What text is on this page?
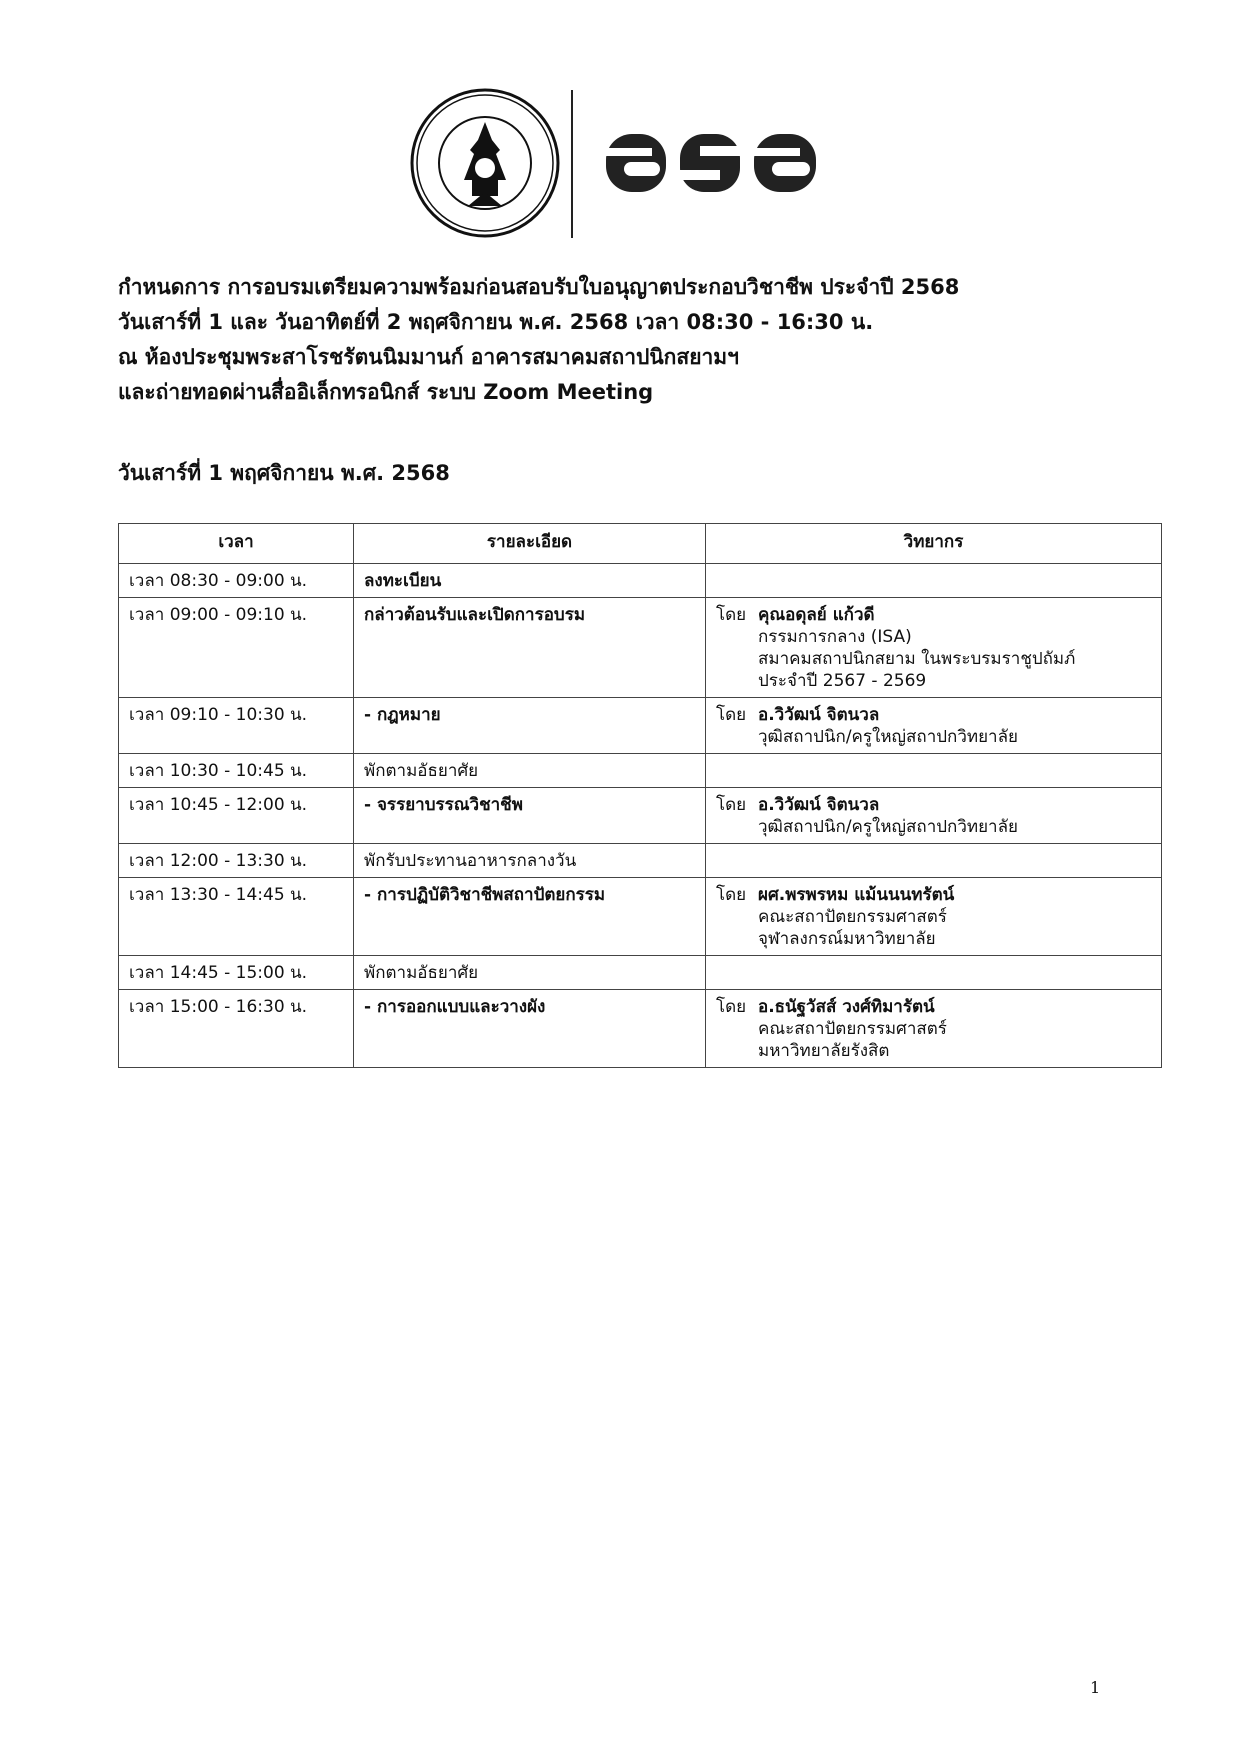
กำหนดการ การอบรมเตรียมความพร้อมก่อนสอบรับใบอนุญาตประกอบวิชาชีพ ประจำปี 2568
วันเสาร์ที่ 1 และ วันอาทิตย์ที่ 2 พฤศจิกายน พ.ศ. 2568 เวลา 08:30 - 16:30 น.
ณ ห้องประชุมพระสาโรชรัตนนิมมานก์ อาคารสมาคมสถาปนิกสยามฯ
และถ่ายทอดผ่านสื่ออิเล็กทรอนิกส์ ระบบ Zoom Meeting
วันเสาร์ที่ 1 พฤศจิกายน พ.ศ. 2568
เวลา	รายละเอียด	วิทยากร
เวลา 08:30 - 09:00 น.	ลงทะเบียน	
เวลา 09:00 - 09:10 น.	กล่าวต้อนรับและเปิดการอบรม	โดย คุณอดุลย์ แก้วดี
กรรมการกลาง (ISA)
สมาคมสถาปนิกสยาม ในพระบรมราชูปถัมภ์
ประจำปี 2567 - 2569

เวลา 09:10 - 10:30 น.	- กฎหมาย	โดย อ.วิวัฒน์ จิตนวล
วุฒิสถาปนิก/ครูใหญ่สถาปกวิทยาลัย

เวลา 10:30 - 10:45 น.	พักตามอัธยาศัย	
เวลา 10:45 - 12:00 น.	- จรรยาบรรณวิชาชีพ	โดย อ.วิวัฒน์ จิตนวล
วุฒิสถาปนิก/ครูใหญ่สถาปกวิทยาลัย

เวลา 12:00 - 13:30 น.	พักรับประทานอาหารกลางวัน	
เวลา 13:30 - 14:45 น.	- การปฏิบัติวิชาชีพสถาปัตยกรรม	โดย ผศ.พรพรหม แม้นนนทรัตน์
คณะสถาปัตยกรรมศาสตร์
จุฬาลงกรณ์มหาวิทยาลัย

เวลา 14:45 - 15:00 น.	พักตามอัธยาศัย	
เวลา 15:00 - 16:30 น.	- การออกแบบและวางผัง	โดย อ.ธนัฐวัสส์ วงศ์ทิมารัตน์
คณะสถาปัตยกรรมศาสตร์
มหาวิทยาลัยรังสิต
1
